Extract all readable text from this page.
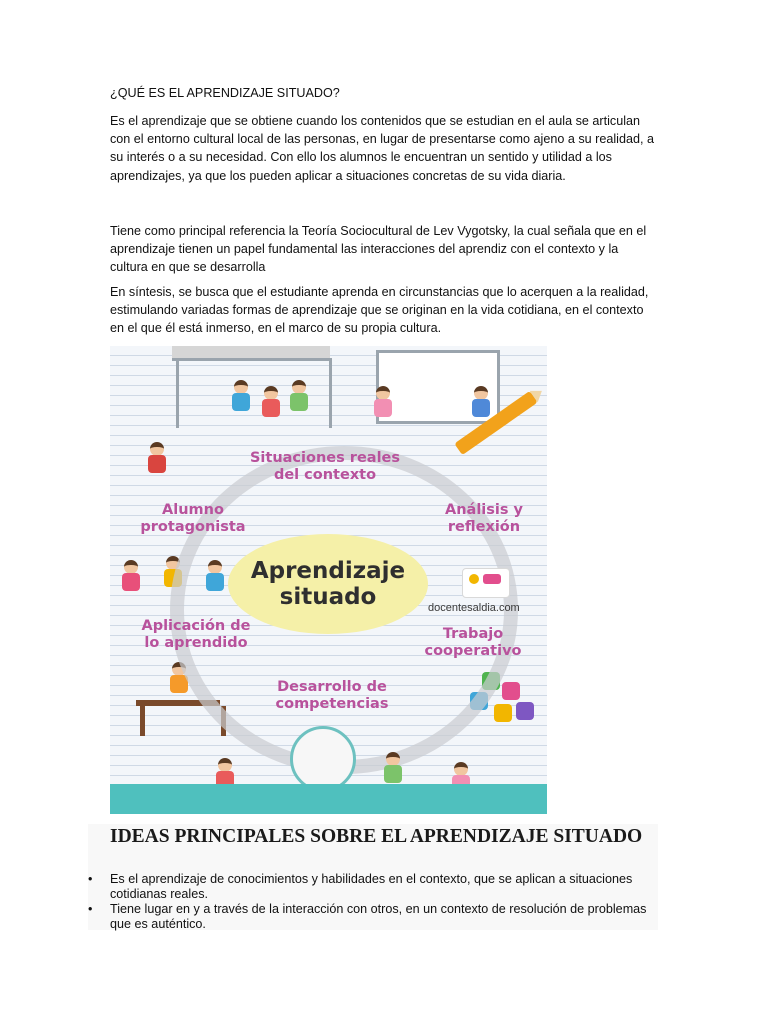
¿QUÉ ES EL APRENDIZAJE SITUADO?

Es el aprendizaje que se obtiene cuando los contenidos que se estudian en el aula se articulan con el entorno cultural local de las personas, en lugar de presentarse como ajeno a su realidad, a su interés o a su necesidad. Con ello los alumnos le encuentran un sentido y utilidad a los aprendizajes, ya que los pueden aplicar a situaciones concretas de su vida diaria.

Tiene como principal referencia la Teoría Sociocultural de Lev Vygotsky, la cual señala que en el aprendizaje tienen un papel fundamental las interacciones del aprendiz con el contexto y la cultura en que se desarrolla

En síntesis, se busca que el estudiante aprenda en circunstancias que lo acerquen a la realidad, estimulando variadas formas de aprendizaje que se originan en la vida cotidiana, en el contexto en el que él está inmerso, en el marco de su propia cultura.

Aprendizaje
situado
Situaciones reales
del contexto
Alumno
protagonista
Análisis y
reflexión
Aplicación de
lo aprendido
Trabajo
cooperativo
Desarrollo de
competencias
docentesaldia.com
IDEAS PRINCIPALES SOBRE EL APRENDIZAJE SITUADO
• Es el aprendizaje de conocimientos y habilidades en el contexto, que se aplican a situaciones cotidianas reales.
• Tiene lugar en y a través de la interacción con otros, en un contexto de resolución de problemas que es auténtico.
